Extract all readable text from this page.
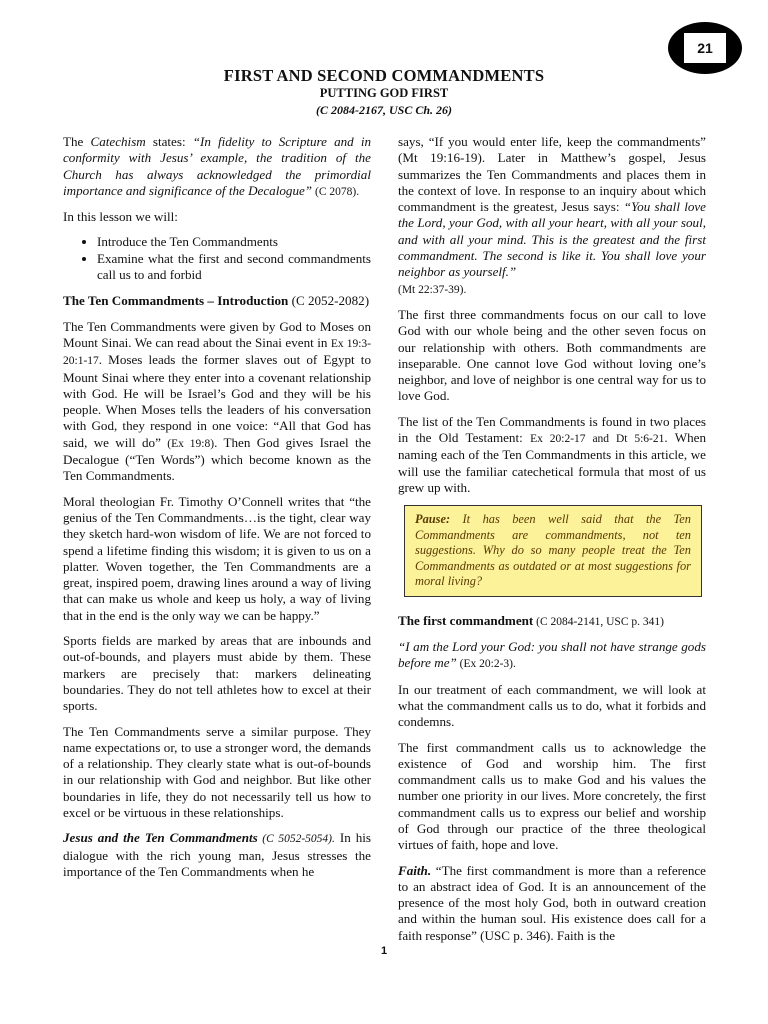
21
FIRST AND SECOND COMMANDMENTS
PUTTING GOD FIRST
(C 2084-2167, USC Ch. 26)

The Catechism states: “In fidelity to Scripture and in conformity with Jesus’ example, the tradition of the Church has always acknowledged the primordial importance and significance of the Decalogue” (C 2078).

In this lesson we will:

• Introduce the Ten Commandments
• Examine what the first and second commandments call us to and forbid

The Ten Commandments – Introduction (C 2052-2082)

The Ten Commandments were given by God to Moses on Mount Sinai. We can read about the Sinai event in Ex 19:3-20:1-17. Moses leads the former slaves out of Egypt to Mount Sinai where they enter into a covenant relationship with God. He will be Israel’s God and they will be his people. When Moses tells the leaders of his conversation with God, they respond in one voice: “All that God has said, we will do” (Ex 19:8). Then God gives Israel the Decalogue (“Ten Words”) which become known as the Ten Commandments.

Moral theologian Fr. Timothy O’Connell writes that “the genius of the Ten Commandments…is the tight, clear way they sketch hard-won wisdom of life. We are not forced to spend a lifetime finding this wisdom; it is given to us on a platter. Woven together, the Ten Commandments are a great, inspired poem, drawing lines around a way of living that can make us whole and keep us holy, a way of living that in the end is the only way we can be happy.”

Sports fields are marked by areas that are inbounds and out-of-bounds, and players must abide by them. These markers are precisely that: markers delineating boundaries. They do not tell athletes how to excel at their sports.

The Ten Commandments serve a similar purpose. They name expectations or, to use a stronger word, the demands of a relationship. They clearly state what is out-of-bounds in our relationship with God and neighbor. But like other boundaries in life, they do not necessarily tell us how to excel or be virtuous in these relationships.

Jesus and the Ten Commandments (C 5052-5054). In his dialogue with the rich young man, Jesus stresses the importance of the Ten Commandments when he

says, “If you would enter life, keep the commandments” (Mt 19:16-19). Later in Matthew’s gospel, Jesus summarizes the Ten Commandments and places them in the context of love. In response to an inquiry about which commandment is the greatest, Jesus says: “You shall love the Lord, your God, with all your heart, with all your soul, and with all your mind. This is the greatest and the first commandment. The second is like it. You shall love your neighbor as yourself.”
(Mt 22:37-39).

The first three commandments focus on our call to love God with our whole being and the other seven focus on our relationship with others. Both commandments are inseparable. One cannot love God without loving one’s neighbor, and love of neighbor is one central way for us to love God.

The list of the Ten Commandments is found in two places in the Old Testament: Ex 20:2-17 and Dt 5:6-21. When naming each of the Ten Commandments in this article, we will use the familiar catechetical formula that most of us grew up with.

Pause: It has been well said that the Ten Commandments are commandments, not ten suggestions. Why do so many people treat the Ten Commandments as outdated or at most suggestions for moral living?

The first commandment (C 2084-2141, USC p. 341)

“I am the Lord your God: you shall not have strange gods before me” (Ex 20:2-3).

In our treatment of each commandment, we will look at what the commandment calls us to do, what it forbids and condemns.

The first commandment calls us to acknowledge the existence of God and worship him. The first commandment calls us to make God and his values the number one priority in our lives. More concretely, the first commandment calls us to express our belief and worship of God through our practice of the three theological virtues of faith, hope and love.

Faith. “The first commandment is more than a reference to an abstract idea of God. It is an announcement of the presence of the most holy God, both in outward creation and within the human soul. His existence does call for a faith response” (USC p. 346). Faith is the

1
